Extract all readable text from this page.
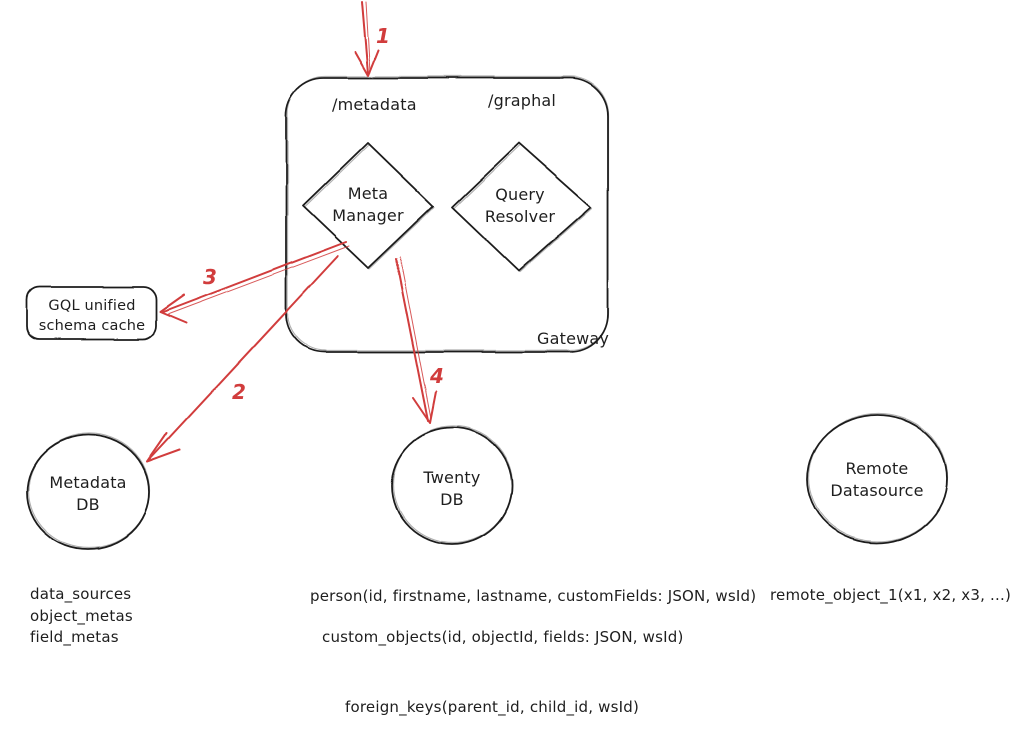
/metadata	/graphal
Meta
Manager
Query
Resolver
Gateway
GQL unified
schema cache
Metadata
DB
Twenty
DB
Remote
Datasource
data_sources
object_metas
field_metas
person(id, firstname, lastname, customFields: JSON, wsId)
custom_objects(id, objectId, fields: JSON, wsId)
foreign_keys(parent_id, child_id, wsId)
remote_object_1(x1, x2, x3, ...)
1
2
3
4
